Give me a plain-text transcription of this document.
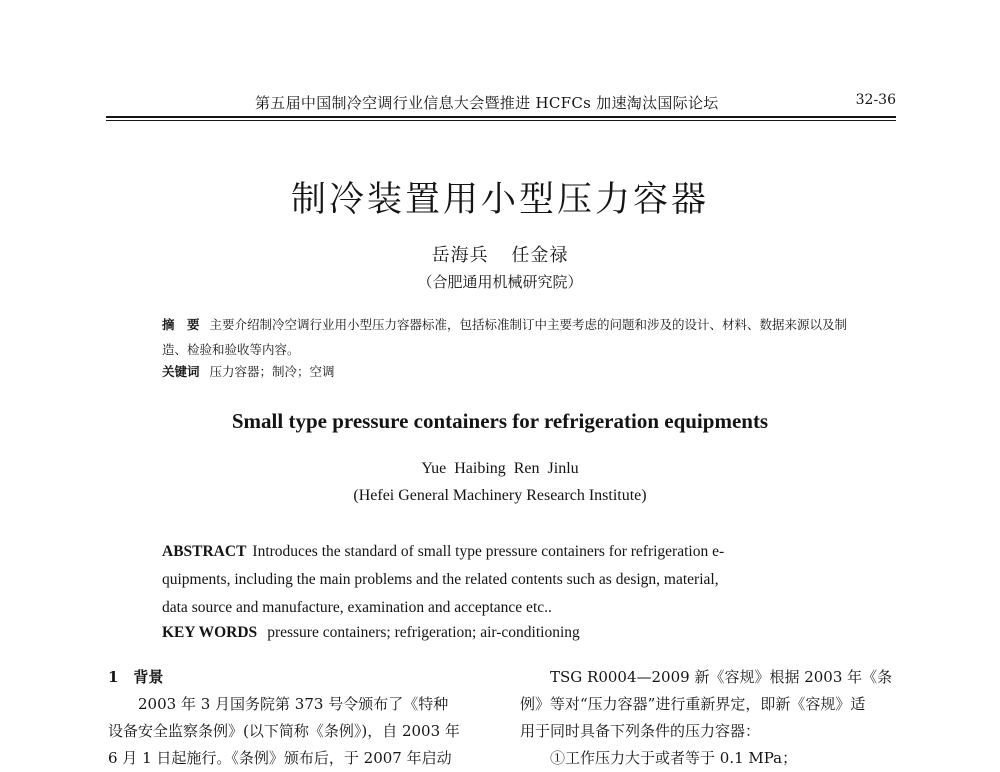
第五届中国制冷空调行业信息大会暨推进 HCFCs 加速淘汰国际论坛	32-36
制冷装置用小型压力容器
岳海兵 任金禄
（合肥通用机械研究院）
摘　要 主要介绍制冷空调行业用小型压力容器标准，包括标准制订中主要考虑的问题和涉及的设计、材料、数据来源以及制造、检验和验收等内容。
关键词 压力容器；制冷；空调
Small type pressure containers for refrigeration equipments
Yue Haibing Ren Jinlu
(Hefei General Machinery Research Institute)
ABSTRACT Introduces the standard of small type pressure containers for refrigeration e-
quipments, including the main problems and the related contents such as design, material,
data source and manufacture, examination and acceptance etc..
KEY WORDS pressure containers; refrigeration; air-conditioning
1　背景
2003 年 3 月国务院第 373 号令颁布了《特种
设备安全监察条例》(以下简称《条例》)，自 2003 年
6 月 1 日起施行。《条例》颁布后，于 2007 年启动
TSG R0004—2009 新《容规》根据 2003 年《条
例》等对“压力容器”进行重新界定，即新《容规》适
用于同时具备下列条件的压力容器：
①工作压力大于或者等于 0.1 MPa；
